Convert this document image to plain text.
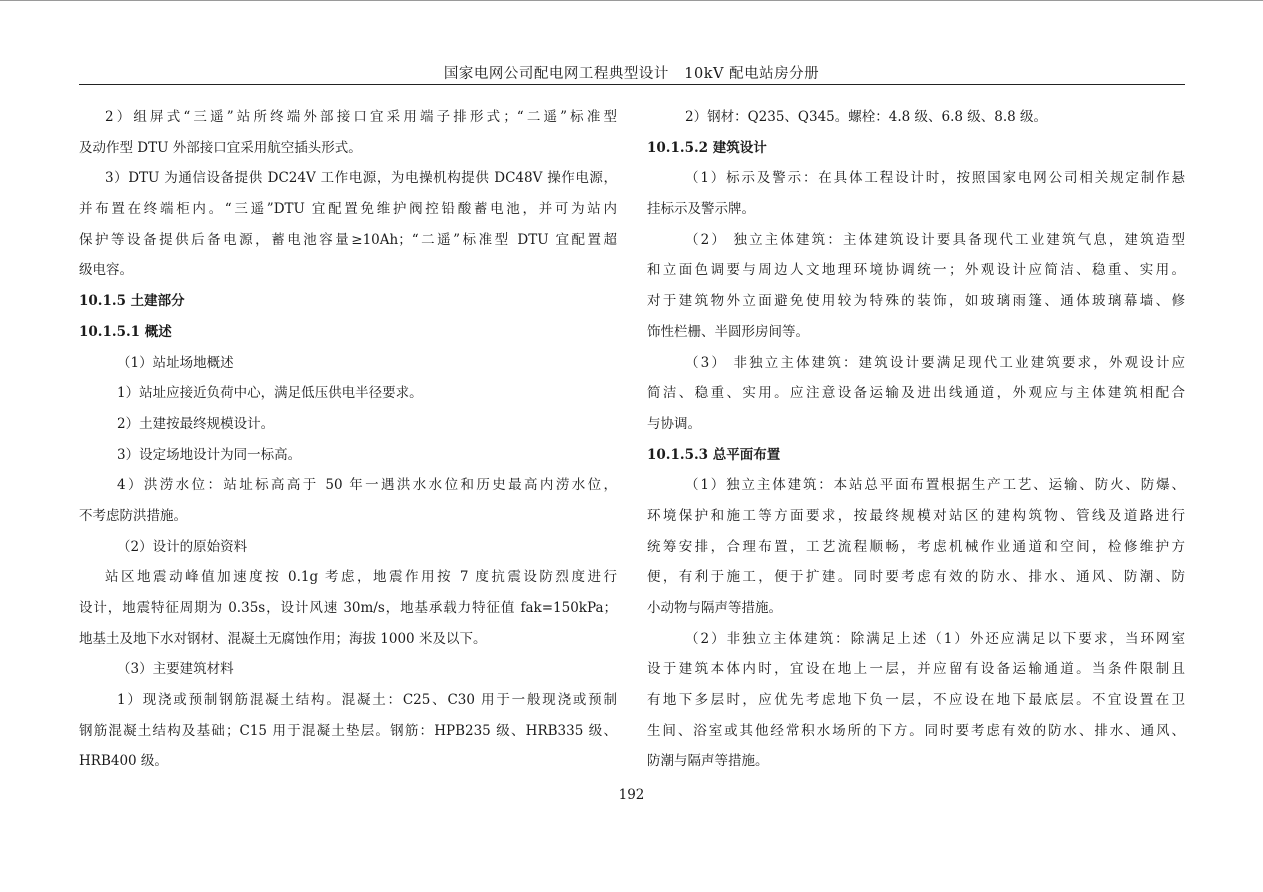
国家电网公司配电网工程典型设计   10kV 配电站房分册
2）组屏式“三遥”站所终端外部接口宜采用端子排形式；“二遥”标准型
及动作型 DTU 外部接口宜采用航空插头形式。
3）DTU 为通信设备提供 DC24V 工作电源，为电操机构提供 DC48V 操作电源，
并布置在终端柜内。“三遥”DTU 宜配置免维护阀控铅酸蓄电池，并可为站内
保护等设备提供后备电源，蓄电池容量≥10Ah；“二遥”标准型 DTU 宜配置超
级电容。
10.1.5 土建部分
10.1.5.1 概述
（1）站址场地概述
1）站址应接近负荷中心，满足低压供电半径要求。
2）土建按最终规模设计。
3）设定场地设计为同一标高。
4）洪涝水位：站址标高高于 50 年一遇洪水水位和历史最高内涝水位，
不考虑防洪措施。
（2）设计的原始资料
站区地震动峰值加速度按 0.1g 考虑，地震作用按 7 度抗震设防烈度进行
设计，地震特征周期为 0.35s，设计风速 30m/s，地基承载力特征值 fak=150kPa；
地基土及地下水对钢材、混凝土无腐蚀作用；海拔 1000 米及以下。
（3）主要建筑材料
1）现浇或预制钢筋混凝土结构。混凝土：C25、C30 用于一般现浇或预制
钢筋混凝土结构及基础；C15 用于混凝土垫层。钢筋：HPB235 级、HRB335 级、
HRB400 级。
2）钢材：Q235、Q345。螺栓：4.8 级、6.8 级、8.8 级。
10.1.5.2 建筑设计
（1）标示及警示：在具体工程设计时，按照国家电网公司相关规定制作悬
挂标示及警示牌。
（2） 独立主体建筑：主体建筑设计要具备现代工业建筑气息，建筑造型
和立面色调要与周边人文地理环境协调统一；外观设计应简洁、稳重、实用。
对于建筑物外立面避免使用较为特殊的装饰，如玻璃雨篷、通体玻璃幕墙、修
饰性栏栅、半圆形房间等。
（3） 非独立主体建筑：建筑设计要满足现代工业建筑要求，外观设计应
简洁、稳重、实用。应注意设备运输及进出线通道，外观应与主体建筑相配合
与协调。
10.1.5.3 总平面布置
（1）独立主体建筑：本站总平面布置根据生产工艺、运输、防火、防爆、
环境保护和施工等方面要求，按最终规模对站区的建构筑物、管线及道路进行
统筹安排，合理布置，工艺流程顺畅，考虑机械作业通道和空间，检修维护方
便，有利于施工，便于扩建。同时要考虑有效的防水、排水、通风、防潮、防
小动物与隔声等措施。
（2）非独立主体建筑：除满足上述（1）外还应满足以下要求，当环网室
设于建筑本体内时，宜设在地上一层，并应留有设备运输通道。当条件限制且
有地下多层时，应优先考虑地下负一层，不应设在地下最底层。不宜设置在卫
生间、浴室或其他经常积水场所的下方。同时要考虑有效的防水、排水、通风、
防潮与隔声等措施。
192
